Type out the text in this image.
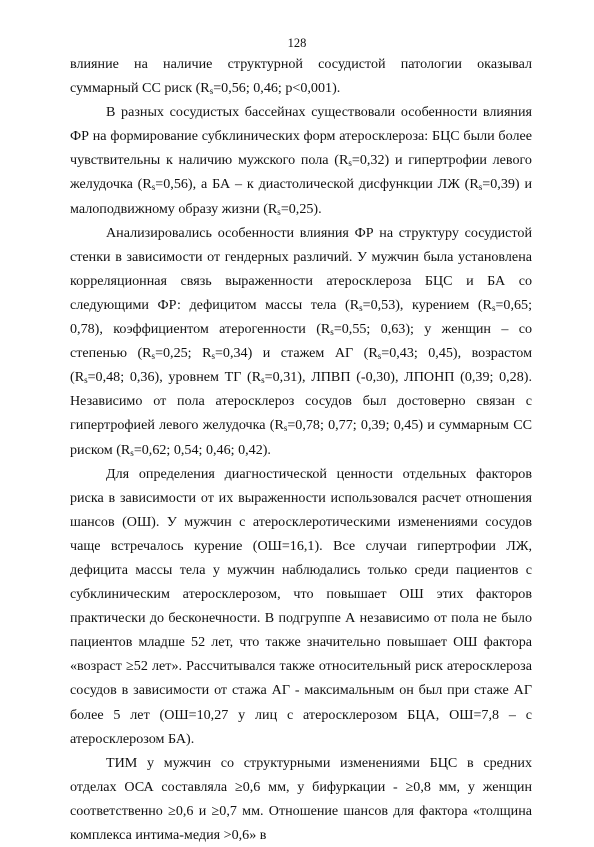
128

влияние на наличие структурной сосудистой патологии оказывал суммарный СС риск ($R_s=0,56$; 0,46; p<0,001).

В разных сосудистых бассейнах существовали особенности влияния ФР на формирование субклинических форм атеросклероза: БЦС были более чувствительны к наличию мужского пола $(R_s=0,32)$ и гипертрофии левого желудочка $(R_s=0,56)$, а БА – к диастолической дисфункции ЛЖ $(R_s=0,39)$ и малоподвижному образу жизни $(R_s=0,25)$.

Анализировались особенности влияния ФР на структуру сосудистой стенки в зависимости от гендерных различий. У мужчин была установлена корреляционная связь выраженности атеросклероза БЦС и БА со следующими ФР: дефицитом массы тела $(R_s=0,53)$, курением ($R_s=0,65$; 0,78), коэффициентом атерогенности ($R_s=0,55$; 0,63); у женщин – со степенью ($R_s=0,25$; $R_s=0,34$) и стажем АГ ($R_s=0,43$; 0,45), возрастом ($R_s=0,48$; 0,36), уровнем ТГ $(R_s=0,31)$, ЛПВП (-0,30), ЛПОНП (0,39; 0,28). Независимо от пола атеросклероз сосудов был достоверно связан с гипертрофией левого желудочка ($R_s=0,78$; 0,77; 0,39; 0,45) и суммарным СС риском ($R_s=0,62$; 0,54; 0,46; 0,42).

Для определения диагностической ценности отдельных факторов риска в зависимости от их выраженности использовался расчет отношения шансов (ОШ). У мужчин с атеросклеротическими изменениями сосудов чаще встречалось курение (ОШ=16,1). Все случаи гипертрофии ЛЖ, дефицита массы тела у мужчин наблюдались только среди пациентов с субклиническим атеросклерозом, что повышает ОШ этих факторов практически до бесконечности. В подгруппе А независимо от пола не было пациентов младше 52 лет, что также значительно повышает ОШ фактора «возраст ≥52 лет». Рассчитывался также относительный риск атеросклероза сосудов в зависимости от стажа АГ - максимальным он был при стаже АГ более 5 лет (ОШ=10,27 у лиц с атеросклерозом БЦА, ОШ=7,8 – с атеросклерозом БА).

ТИМ у мужчин со структурными изменениями БЦС в средних отделах ОСА составляла ≥0,6 мм, у бифуркации - ≥0,8 мм, у женщин соответственно ≥0,6 и ≥0,7 мм. Отношение шансов для фактора «толщина комплекса интима-медия >0,6» в
